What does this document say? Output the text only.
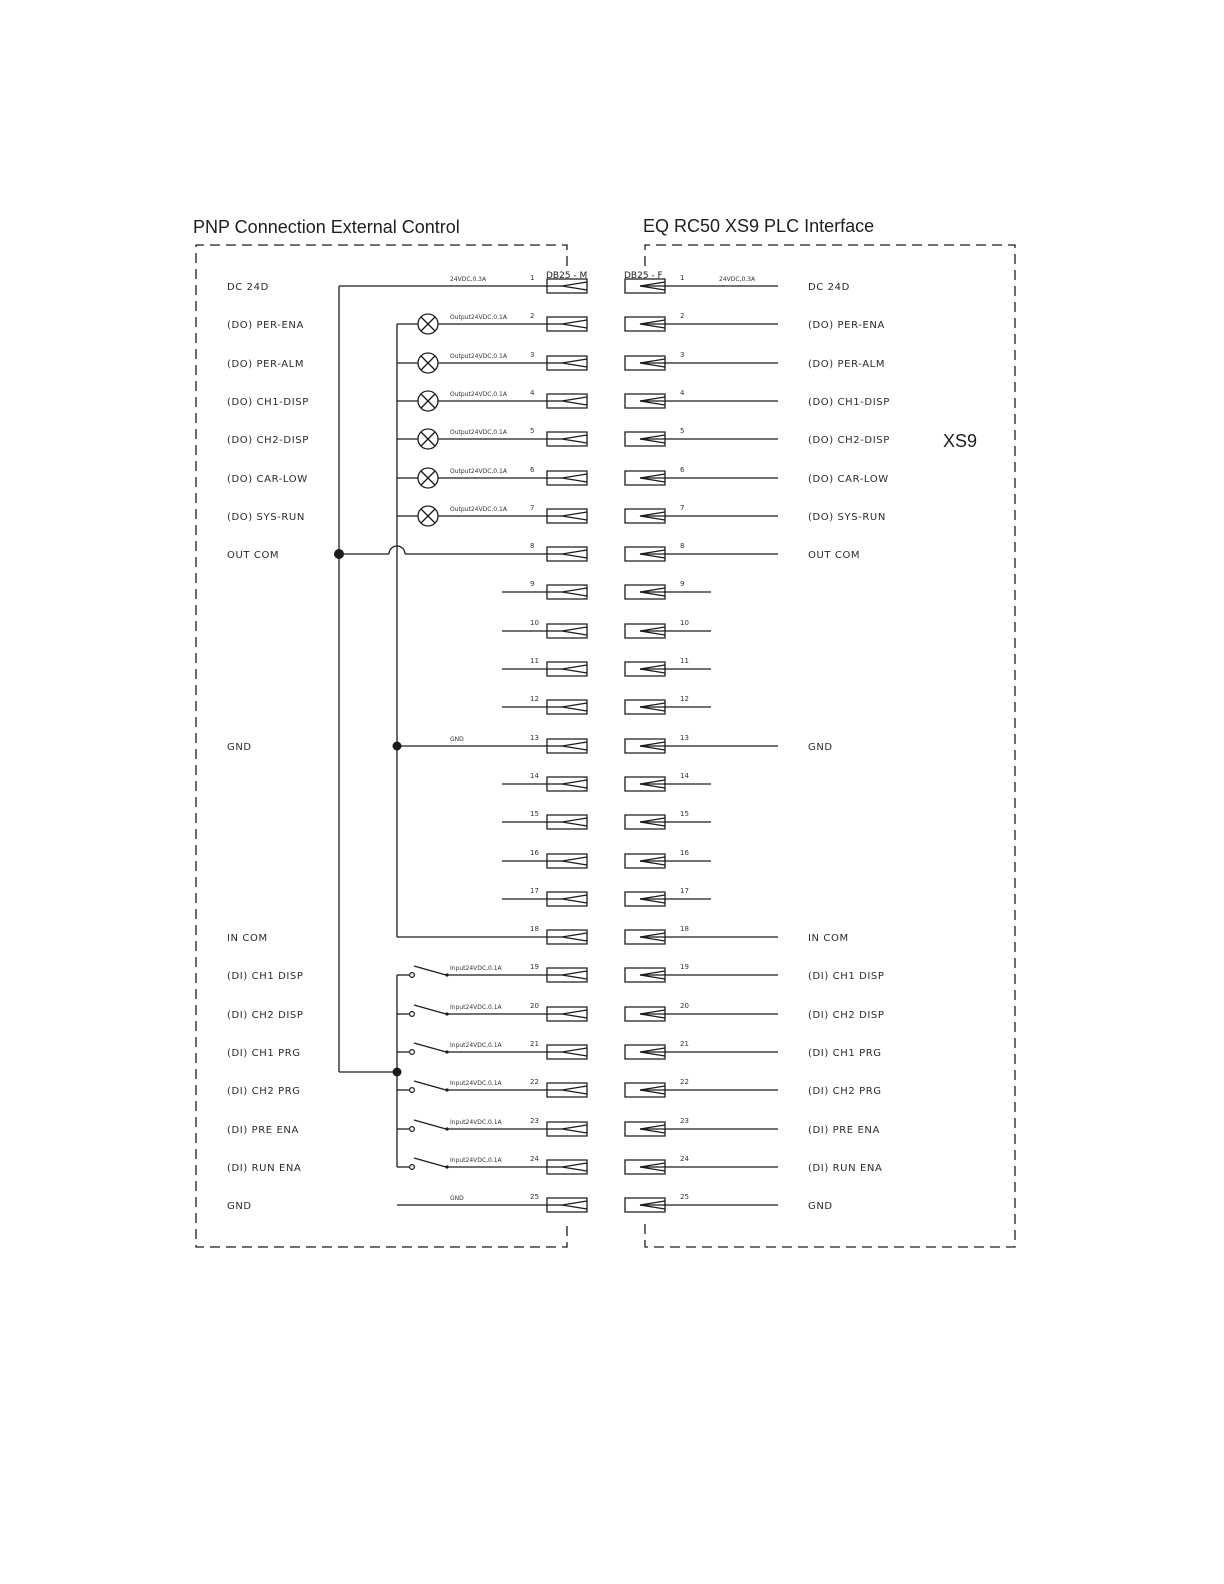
PNP Connection External Control	EQ RC50 XS9 PLC Interface
XS9
DB25 - M	DB25 - F
1	1
DC 24D	DC 24D
24VDC,0.3A	24VDC,0.3A
2	2
(DO) PER-ENA	(DO) PER-ENA
Output24VDC,0.1A
3	3
(DO) PER-ALM	(DO) PER-ALM
Output24VDC,0.1A
4	4
(DO) CH1-DISP	(DO) CH1-DISP
Output24VDC,0.1A
5	5
(DO) CH2-DISP	(DO) CH2-DISP
Output24VDC,0.1A
6	6
(DO) CAR-LOW	(DO) CAR-LOW
Output24VDC,0.1A
7	7
(DO) SYS-RUN	(DO) SYS-RUN
Output24VDC,0.1A
8	8
OUT COM	OUT COM
9	9
10	10
11	11
12	12
13	13
GND	GND
GND
14	14
15	15
16	16
17	17
18	18
IN COM	IN COM
19	19
(DI) CH1 DISP	(DI) CH1 DISP
Input24VDC,0.1A
20	20
(DI) CH2 DISP	(DI) CH2 DISP
Input24VDC,0.1A
21	21
(DI) CH1 PRG	(DI) CH1 PRG
Input24VDC,0.1A
22	22
(DI) CH2 PRG	(DI) CH2 PRG
Input24VDC,0.1A
23	23
(DI) PRE ENA	(DI) PRE ENA
Input24VDC,0.1A
24	24
(DI) RUN ENA	(DI) RUN ENA
Input24VDC,0.1A
25	25
GND	GND
GND
